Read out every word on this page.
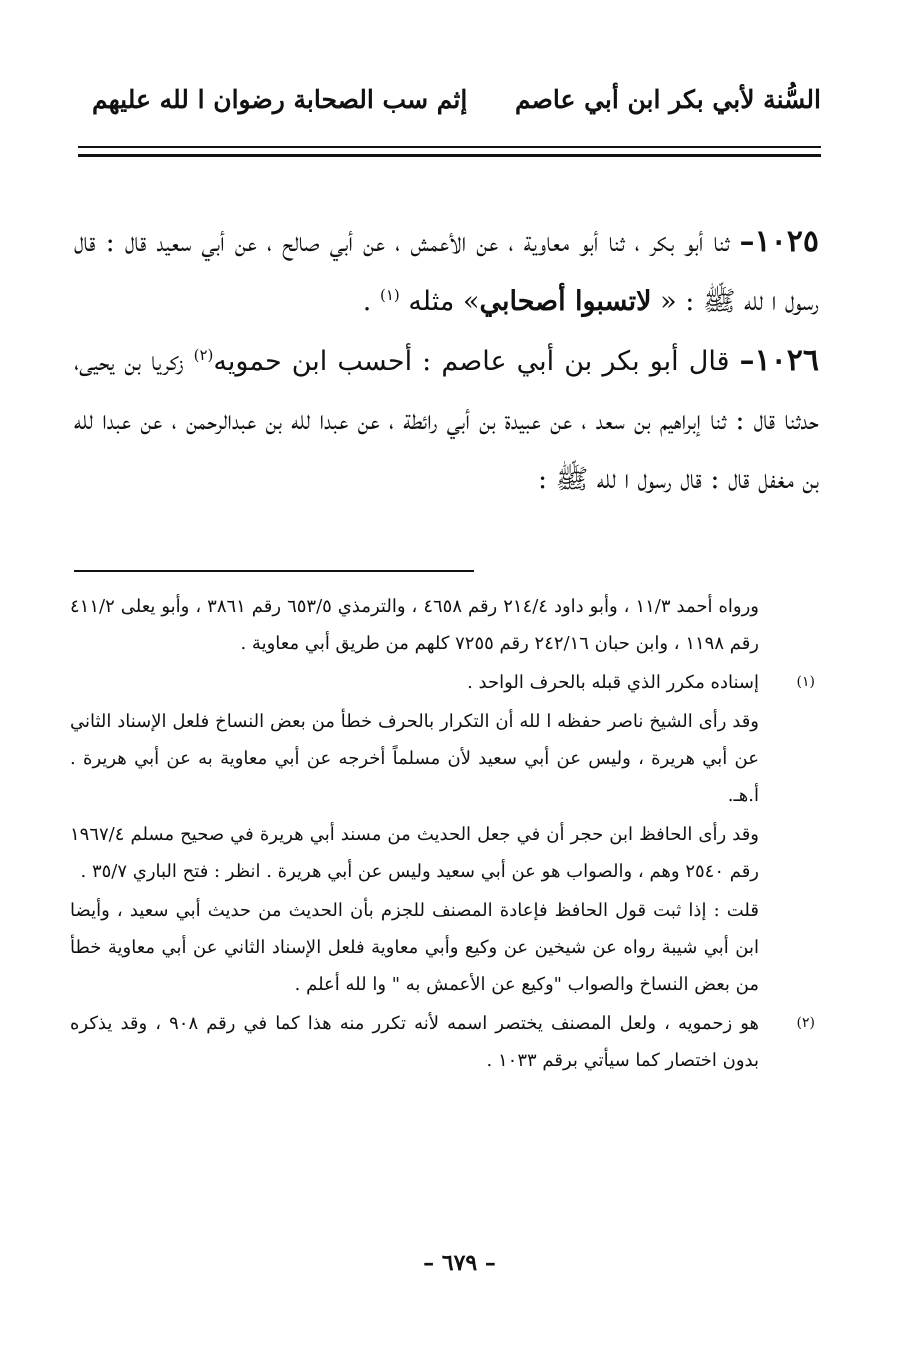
السُّنة لأبي بكر ابن أبي عاصم
إثم سب الصحابة رضوان ا لله عليهم

١٠٢٥– ثنا أبو بكر ، ثنا أبو معاوية ، عن الأعمش ، عن أبي صالح ، عن أبي سعيد قال : قال رسول ا لله ﷺ : « لاتسبوا أصحابي» مثله $^{(١)}$ .

١٠٢٦– قال أبو بكر بن أبي عاصم : أحسب ابن حمويه$^{(٢)}$ زكريا بن يحيى، حدثنا قال : ثنا إبراهيم بن سعد ، عن عبيدة بن أبي رائطة ، عن عبدا لله بن عبدالرحمن ، عن عبدا لله بن مغفل قال : قال رسول ا لله ﷺ :

ورواه أحمد ١١/٣ ، وأبو داود ٢١٤/٤ رقم ٤٦٥٨ ، والترمذي ٦٥٣/٥ رقم ٣٨٦١ ، وأبو يعلى ٤١١/٢ رقم ١١٩٨ ، وابن حبان ٢٤٢/١٦ رقم ٧٢٥٥ كلهم من طريق أبي معاوية .

(١)

إسناده مكرر الذي قبله بالحرف الواحد .

وقد رأى الشيخ ناصر حفظه ا لله أن التكرار بالحرف خطأ من بعض النساخ فلعل الإسناد الثاني عن أبي هريرة ، وليس عن أبي سعيد لأن مسلماً أخرجه عن أبي معاوية به عن أبي هريرة . أ.هـ.

وقد رأى الحافظ ابن حجر أن في جعل الحديث من مسند أبي هريرة في صحيح مسلم ١٩٦٧/٤ رقم ٢٥٤٠ وهم ، والصواب هو عن أبي سعيد وليس عن أبي هريرة . انظر : فتح الباري ٣٥/٧ .

قلت : إذا ثبت قول الحافظ فإعادة المصنف للجزم بأن الحديث من حديث أبي سعيد ، وأيضا ابن أبي شيبة رواه عن شيخين عن وكيع وأبي معاوية فلعل الإسناد الثاني عن أبي معاوية خطأ من بعض النساخ والصواب "وكيع عن الأعمش به " وا لله أعلم .

(٢)

هو زحمويه ، ولعل المصنف يختصر اسمه لأنه تكرر منه هذا كما في رقم ٩٠٨ ، وقد يذكره بدون اختصار كما سيأتي برقم ١٠٣٣ .

– ٦٧٩ –
